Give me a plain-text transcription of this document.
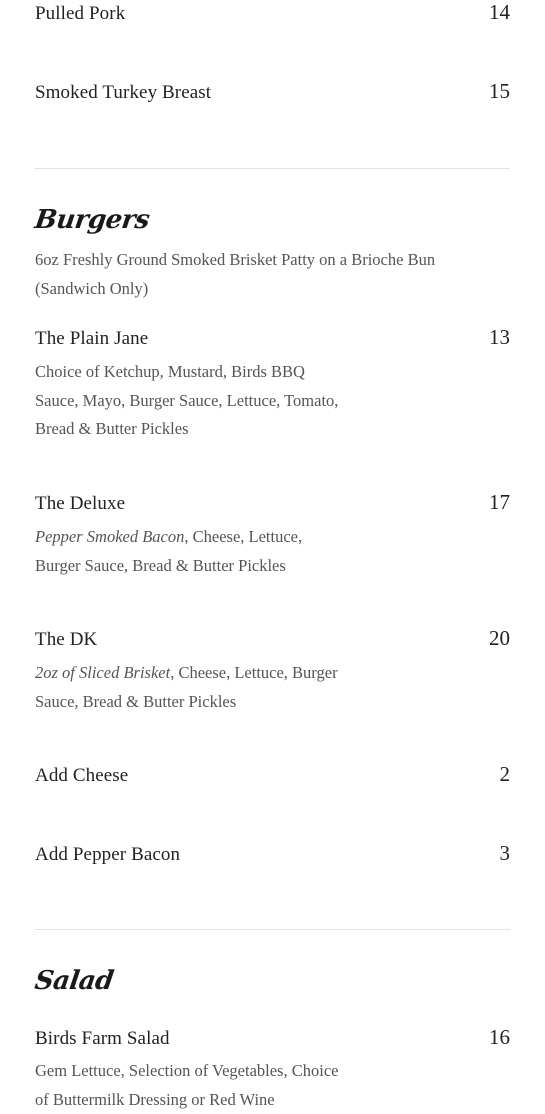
Pulled Pork	14
Smoked Turkey Breast	15
Burgers
6oz Freshly Ground Smoked Brisket Patty on a Brioche Bun
(Sandwich Only)
The Plain Jane	13
Choice of Ketchup, Mustard, Birds BBQ
Sauce, Mayo, Burger Sauce, Lettuce, Tomato,
Bread & Butter Pickles
The Deluxe	17
Pepper Smoked Bacon, Cheese, Lettuce,
Burger Sauce, Bread & Butter Pickles
The DK	20
2oz of Sliced Brisket, Cheese, Lettuce, Burger
Sauce, Bread & Butter Pickles
Add Cheese	2
Add Pepper Bacon	3
Salad
Birds Farm Salad	16
Gem Lettuce, Selection of Vegetables, Choice
of Buttermilk Dressing or Red Wine
